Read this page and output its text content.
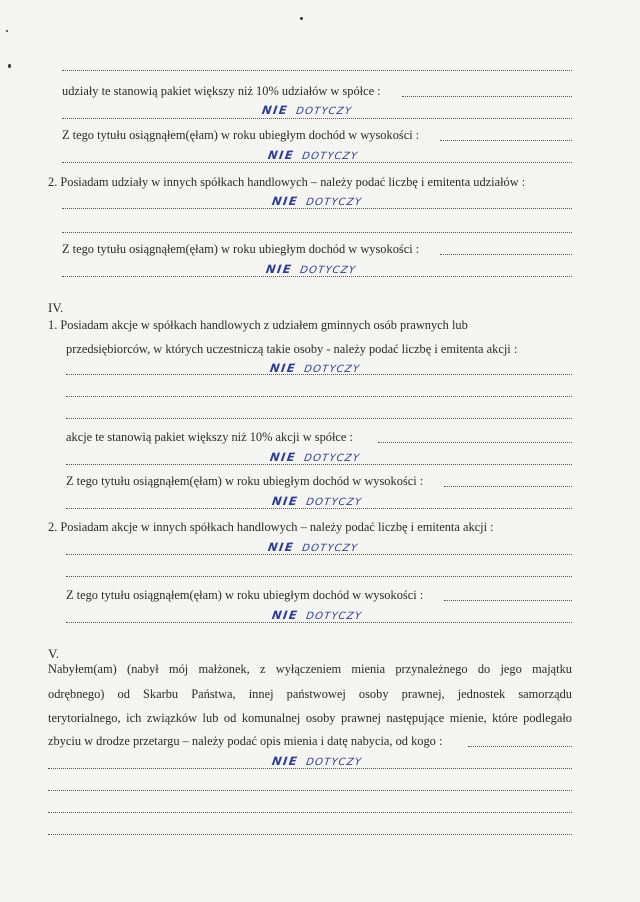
udziały te stanowią pakiet większy niż 10% udziałów w spółce :
NIE DOTYCZY
Z tego tytułu osiągnąłem(ęłam) w roku ubiegłym dochód w wysokości :
NIE DOTYCZY
2. Posiadam udziały w innych spółkach handlowych – należy podać liczbę i emitenta udziałów :
NIE DOTYCZY
Z tego tytułu osiągnąłem(ęłam) w roku ubiegłym dochód w wysokości :
NIE DOTYCZY
IV.
1. Posiadam akcje w spółkach handlowych z udziałem gminnych osób prawnych lub
przedsiębiorców, w których uczestniczą takie osoby - należy podać liczbę i emitenta akcji :
NIE DOTYCZY
akcje te stanowią pakiet większy niż 10% akcji w spółce :
NIE DOTYCZY
Z tego tytułu osiągnąłem(ęłam) w roku ubiegłym dochód w wysokości :
NIE DOTYCZY
2. Posiadam akcje w innych spółkach handlowych – należy podać liczbę i emitenta akcji :
NIE DOTYCZY
Z tego tytułu osiągnąłem(ęłam) w roku ubiegłym dochód w wysokości :
NIE DOTYCZY
V.
Nabyłem(am) (nabył mój małżonek, z wyłączeniem mienia przynależnego do jego majątku
odrębnego) od Skarbu Państwa, innej państwowej osoby prawnej, jednostek samorządu
terytorialnego, ich związków lub od komunalnej osoby prawnej następujące mienie, które podlegało
zbyciu w drodze przetargu – należy podać opis mienia i datę nabycia, od kogo :
NIE DOTYCZY
